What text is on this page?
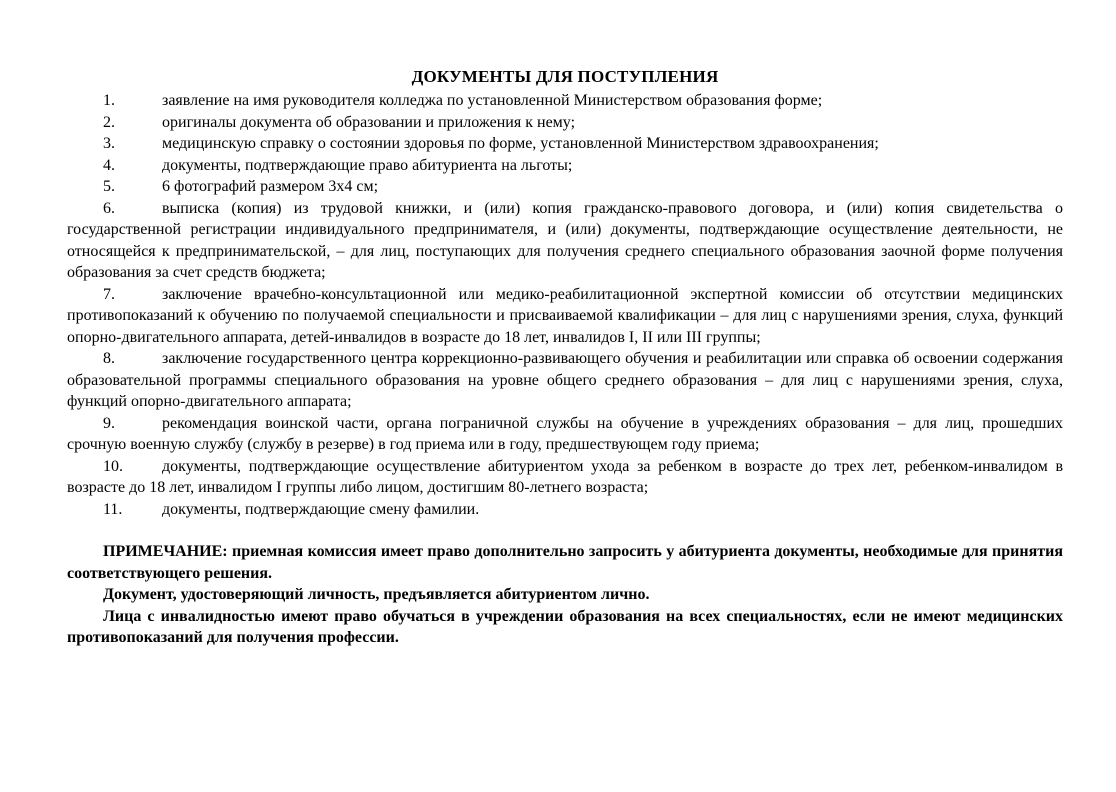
ДОКУМЕНТЫ ДЛЯ ПОСТУПЛЕНИЯ
1.	заявление на имя руководителя колледжа по установленной Министерством образования форме;
2.	оригиналы документа об образовании и приложения к нему;
3.	медицинскую справку о состоянии здоровья по форме, установленной Министерством здравоохранения;
4.	документы, подтверждающие право абитуриента на льготы;
5.	6 фотографий размером 3х4 см;
6.	выписка (копия) из трудовой книжки, и (или) копия гражданско-правового договора, и (или) копия свидетельства о государственной регистрации индивидуального предпринимателя, и (или) документы, подтверждающие осуществление деятельности, не относящейся к предпринимательской, – для лиц, поступающих для получения среднего специального образования заочной форме получения образования за счет средств бюджета;
7.	заключение врачебно-консультационной или медико-реабилитационной экспертной комиссии об отсутствии медицинских противопоказаний к обучению по получаемой специальности и присваиваемой квалификации – для лиц с нарушениями зрения, слуха, функций опорно-двигательного аппарата, детей-инвалидов в возрасте до 18 лет, инвалидов I, II или III группы;
8.	заключение государственного центра коррекционно-развивающего обучения и реабилитации или справка об освоении содержания образовательной программы специального образования на уровне общего среднего образования – для лиц с нарушениями зрения, слуха, функций опорно-двигательного аппарата;
9.	рекомендация воинской части, органа пограничной службы на обучение в учреждениях образования – для лиц, прошедших срочную военную службу (службу в резерве) в год приема или в году, предшествующем году приема;
10. документы, подтверждающие осуществление абитуриентом ухода за ребенком в возрасте до трех лет, ребенком-инвалидом в возрасте до 18 лет, инвалидом I группы либо лицом, достигшим 80-летнего возраста;
11. документы, подтверждающие смену фамилии.

ПРИМЕЧАНИЕ: приемная комиссия имеет право дополнительно запросить у абитуриента документы, необходимые для принятия соответствующего решения.

Документ, удостоверяющий личность, предъявляется абитуриентом лично.

Лица с инвалидностью имеют право обучаться в учреждении образования на всех специальностях, если не имеют медицинских противопоказаний для получения профессии.
